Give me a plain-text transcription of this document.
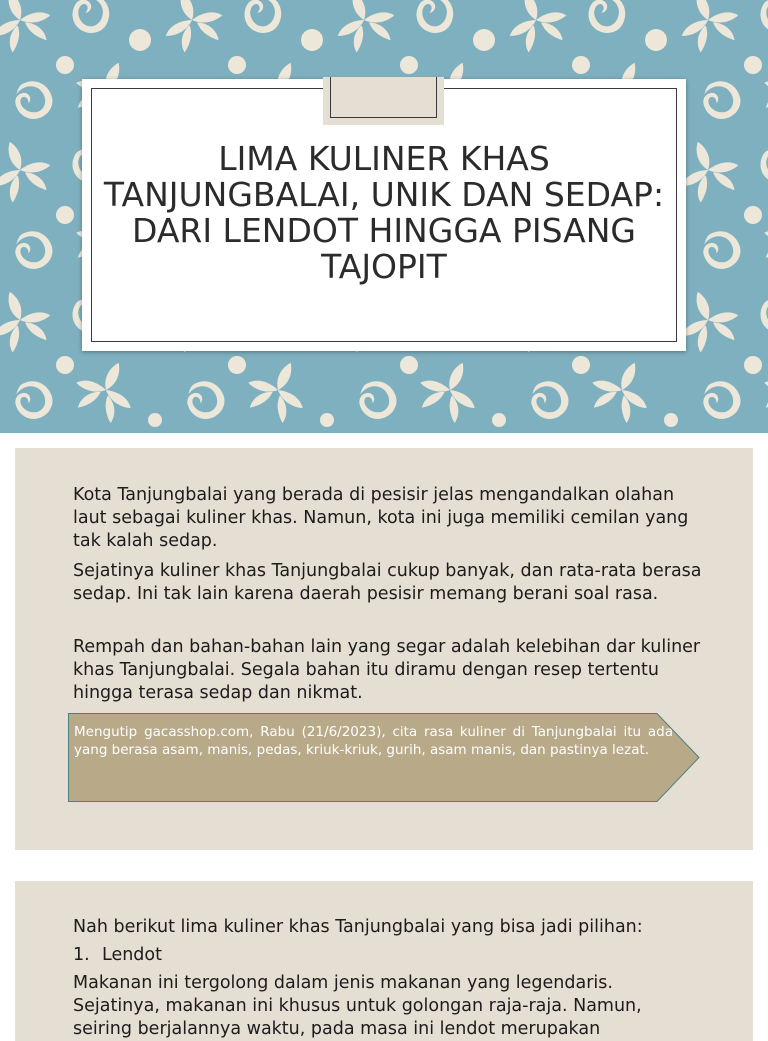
LIMA KULINER KHAS TANJUNGBALAI, UNIK DAN SEDAP: DARI LENDOT HINGGA PISANG TAJOPIT
Kota Tanjungbalai yang berada di pesisir jelas mengandalkan olahan laut sebagai kuliner khas. Namun, kota ini juga memiliki cemilan yang tak kalah sedap.
Sejatinya kuliner khas Tanjungbalai cukup banyak, dan rata-rata berasa sedap. Ini tak lain karena daerah pesisir memang berani soal rasa.
Rempah dan bahan-bahan lain yang segar adalah kelebihan dar kuliner khas Tanjungbalai. Segala bahan itu diramu dengan resep tertentu hingga terasa sedap dan nikmat.
Mengutip gacasshop.com, Rabu (21/6/2023), cita rasa kuliner di Tanjungbalai itu ada yang berasa asam, manis, pedas, kriuk-kriuk, gurih, asam manis, dan pastinya lezat.
Nah berikut lima kuliner khas Tanjungbalai yang bisa jadi pilihan:
1. Lendot
Makanan ini tergolong dalam jenis makanan yang legendaris. Sejatinya, makanan ini khusus untuk golongan raja-raja. Namun, seiring berjalannya waktu, pada masa ini lendot merupakan
